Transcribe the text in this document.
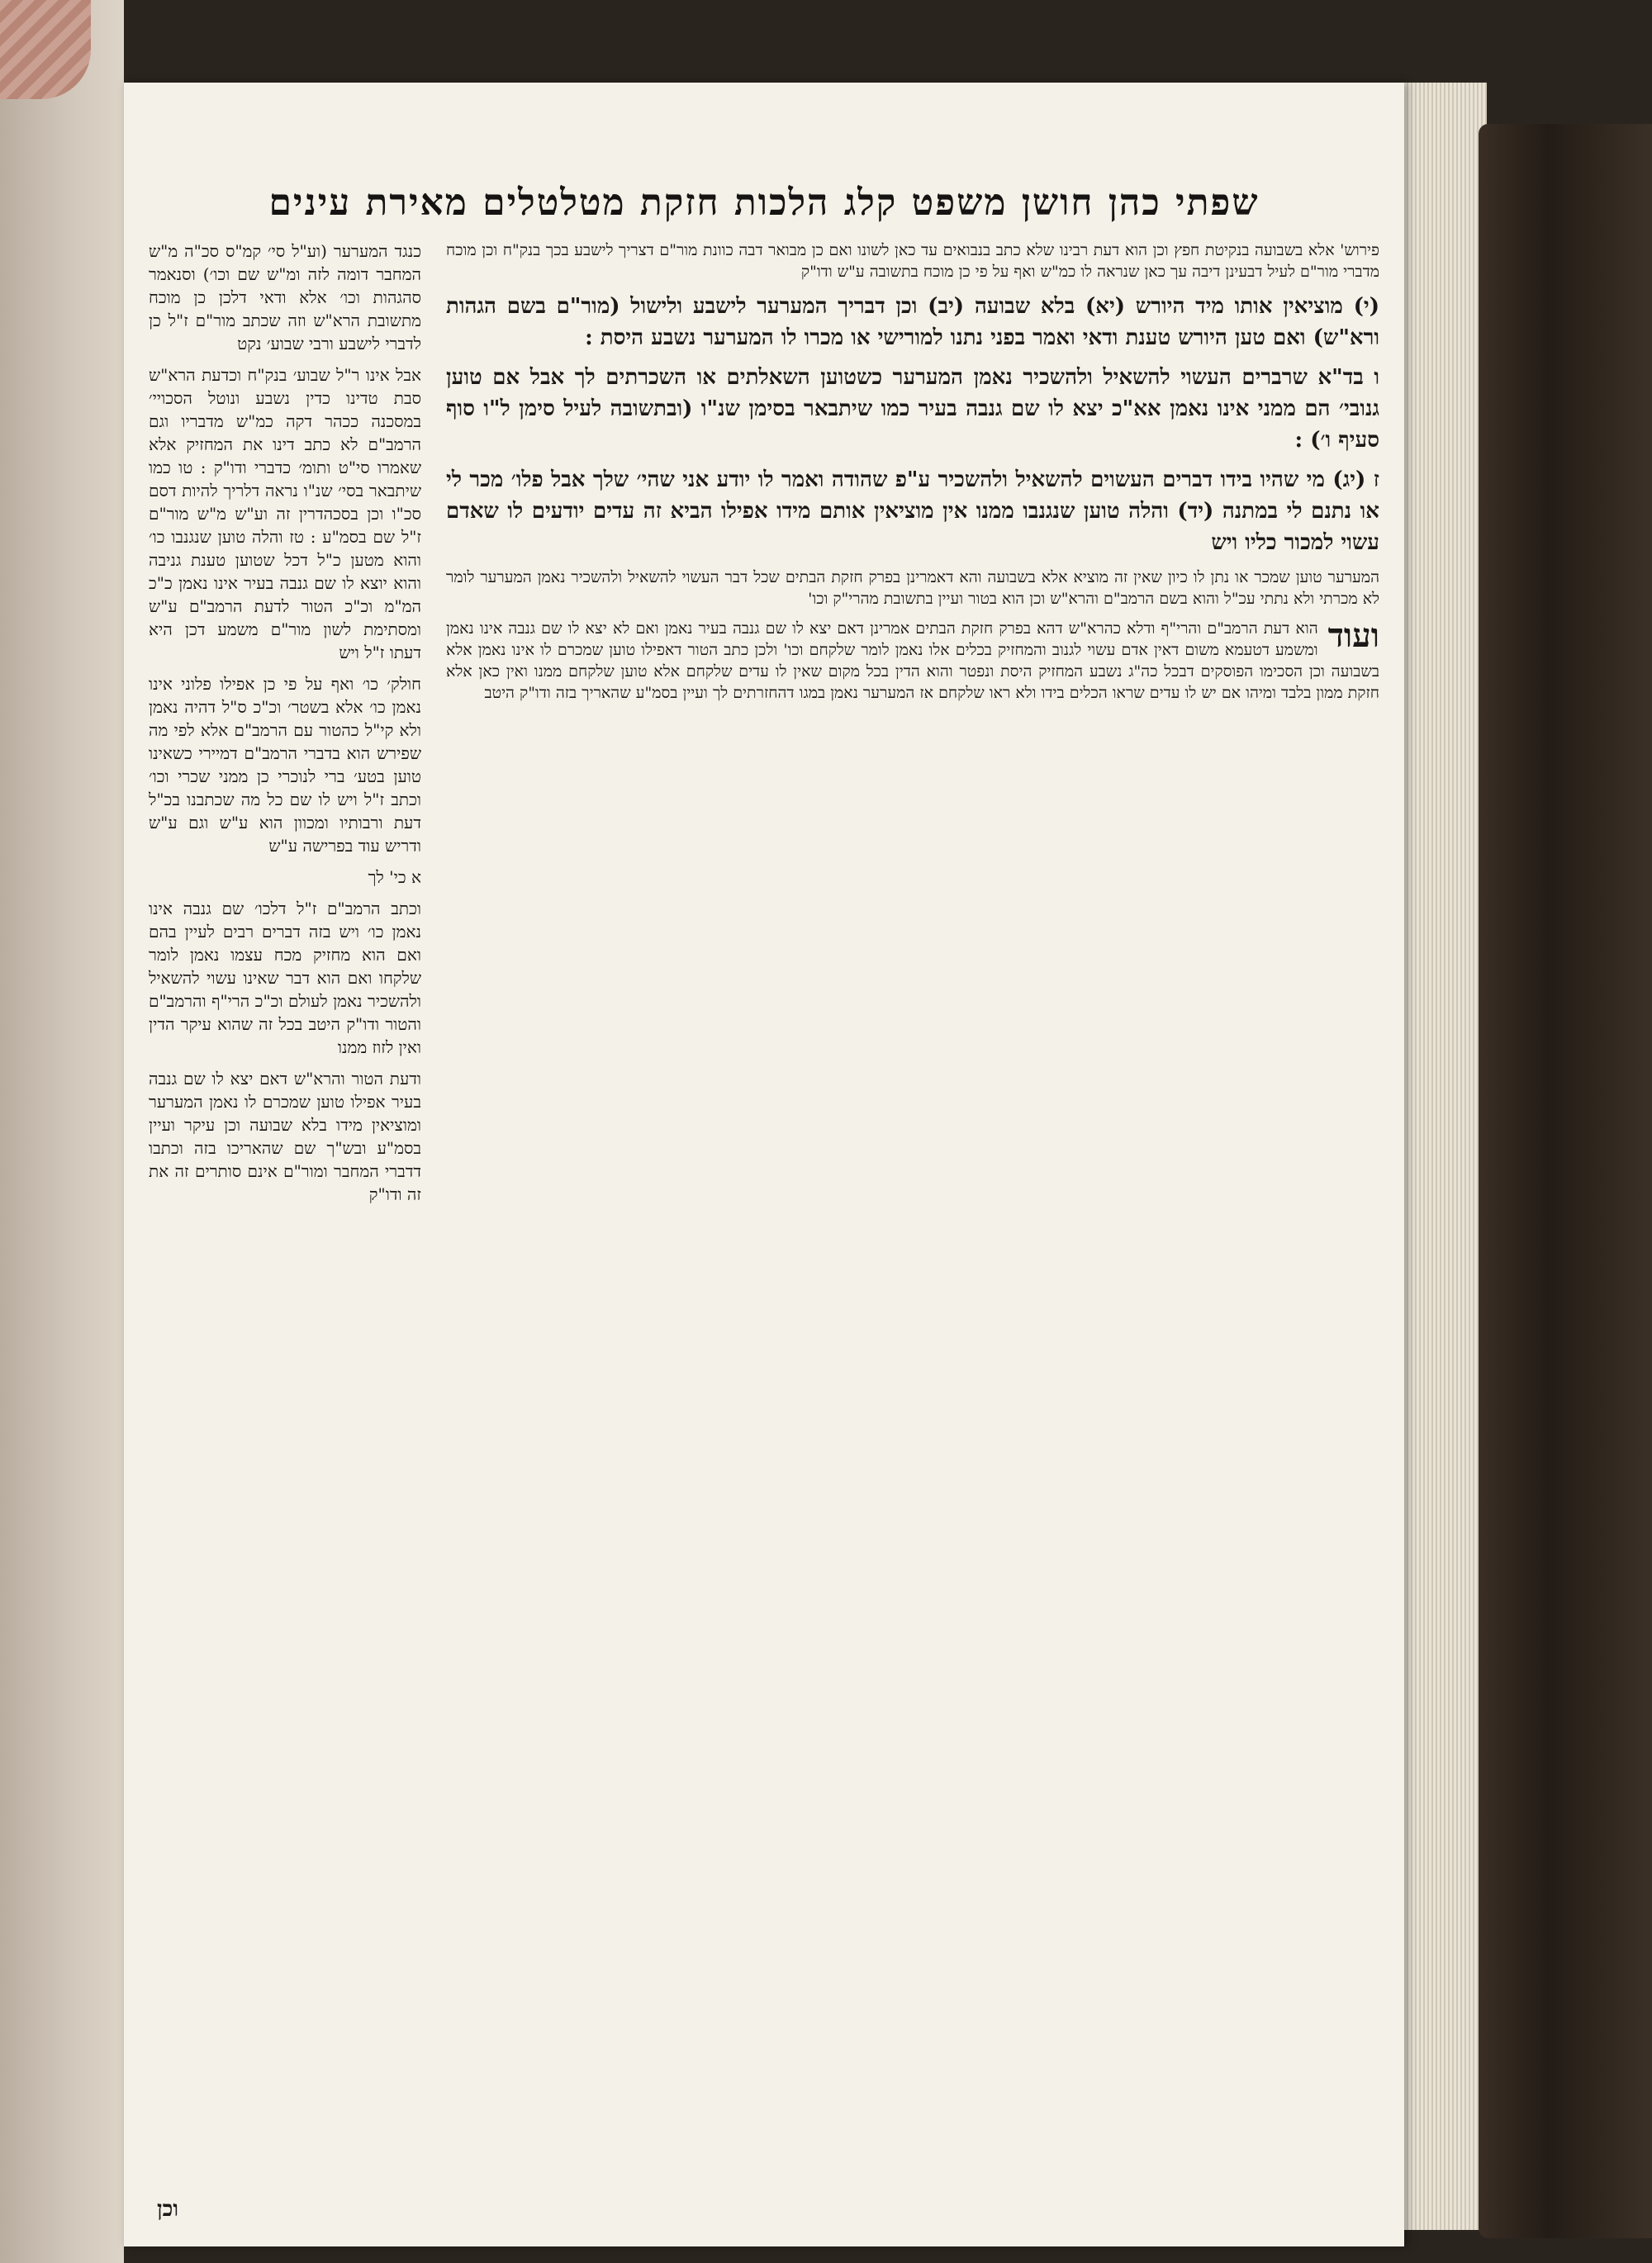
שפתי כהן חושן משפט קלג הלכות חזקת מטלטלים מאירת עינים

פירוש' אלא בשבועה בנקיטת חפץ וכן הוא דעת רבינו שלא כתב בנבואים עד כאן לשונו ואם כן מבואר דבה כוונת מור"ם דצריך לישבע בכך בנק"ח וכן מוכח מדברי מור"ם לעיל דבעינן דיבה עך כאן שנראה לו כמ"ש ואף על פי כן מוכח בתשובה ע"ש ודו"ק

(י) מוציאין אותו מיד היורש (יא) בלא שבועה (יב) וכן דבריך המערער לישבע ולישול (מור"ם בשם הגהות ורא"ש) ואם טען היורש טענת ודאי ואמר בפני נתנו למורישי או מכרו לו המערער נשבע היסת :

ו בד"א שרברים העשוי להשאיל ולהשכיר נאמן המערער כשטוען השאלתים או השכרתים לך אבל אם טוען גנובי׳ הם ממני אינו נאמן אא"כ יצא לו שם גנבה בעיר כמו שיתבאר בסימן שנ"ו (ובתשובה לעיל סימן ל"ו סוף סעיף ו׳) :

ז (יג) מי שהיו בידו דברים העשוים להשאיל ולהשכיר ע"פ שהודה ואמר לו יודע אני שהי׳ שלך אבל פלו׳ מכר לי או נתנם לי במתנה (יד) והלה טוען שנגנבו ממנו אין מוציאין אותם מידו אפילו הביא זה עדים יודעים לו שאדם עשוי למכור כליו ויש

המערער טוען שמכר או נתן לו כיון שאין זה מוציא אלא בשבועה והא דאמרינן בפרק חזקת הבתים שכל דבר העשוי להשאיל ולהשכיר נאמן המערער לומר לא מכרתי ולא נתתי עכ"ל והוא בשם הרמב"ם והרא"ש וכן הוא בטור ועיין בתשובת מהרי"ק וכו'

ועוד

הוא דעת הרמב"ם והרי"ף ודלא כהרא"ש דהא בפרק חזקת הבתים אמרינן דאם יצא לו שם גנבה בעיר נאמן ואם לא יצא לו שם גנבה אינו נאמן ומשמע דטעמא משום דאין אדם עשוי לגנוב והמחזיק בכלים אלו נאמן לומר שלקחם וכו' ולכן כתב הטור דאפילו טוען שמכרם לו אינו נאמן אלא בשבועה וכן הסכימו הפוסקים דבכל כה"ג נשבע המחזיק היסת ונפטר והוא הדין בכל מקום שאין לו עדים שלקחם אלא טוען שלקחם ממנו ואין כאן אלא חזקת ממון בלבד ומיהו אם יש לו עדים שראו הכלים בידו ולא ראו שלקחם אז המערער נאמן במגו דהחזרתים לך ועיין בסמ"ע שהאריך בזה ודו"ק היטב

כנגד המערער (וע"ל סי׳ קמ"ס סכ"ה מ"ש המחבר דומה לזה ומ"ש שם וכו׳) וסנאמר סהגהות וכו׳ אלא ודאי דלכן כן מוכח מתשובת הרא"ש וזה שכתב מור"ם ז"ל כן לדברי לישבע ורבי שבוע׳ נקט

אבל אינו ר"ל שבוע׳ בנק"ח וכדעת הרא"ש סבת טדינו כדין נשבע ונוטל הסכויי׳ במסכנה ככהר דקה כמ"ש מדבריו וגם הרמב"ם לא כתב דינו את המחזיק אלא שאמרו סי"ט ותומ׳ כדברי ודו"ק : טו כמו שיתבאר בסי׳ שנ"ו נראה דלריך להיות דסם סכ"ו וכן בסכהדרין זה וע"ש מ"ש מור"ם ז"ל שם בסמ"ע : טז והלה טוען שנגנבו כו׳ והוא מטען כ"ל דכל שטוען טענת גניבה והוא יוצא לו שם גנבה בעיר אינו נאמן כ"כ המ"מ וכ"כ הטור לדעת הרמב"ם ע"ש ומסתימת לשון מור"ם משמע דכן היא דעתו ז"ל ויש

חולק׳ כו׳ ואף על פי כן אפילו פלוני אינו נאמן כו׳ אלא בשטר׳ וכ"כ ס"ל דהיה נאמן ולא קי"ל כהטור עם הרמב"ם אלא לפי מה שפירש הוא בדברי הרמב"ם דמיירי כשאינו טוען בטע׳ ברי לנוכרי כן ממני שכרי וכו׳ וכתב ז"ל ויש לו שם כל מה שכתבנו בכ"ל דעת ורבותיו ומכוון הוא ע"ש וגם ע"ש ודריש עוד בפרישה ע"ש

א כי' לך

וכתב הרמב"ם ז"ל דלכו׳ שם גנבה אינו נאמן כו׳ ויש בזה דברים רבים לעיין בהם ואם הוא מחזיק מכח עצמו נאמן לומר שלקחו ואם הוא דבר שאינו עשוי להשאיל ולהשכיר נאמן לעולם וכ"כ הרי"ף והרמב"ם והטור ודו"ק היטב בכל זה שהוא עיקר הדין ואין לזוז ממנו

ודעת הטור והרא"ש דאם יצא לו שם גנבה בעיר אפילו טוען שמכרם לו נאמן המערער ומוציאין מידו בלא שבועה וכן עיקר ועיין בסמ"ע ובש"ך שם שהאריכו בזה וכתבו דדברי המחבר ומור"ם אינם סותרים זה את זה ודו"ק

וכן
